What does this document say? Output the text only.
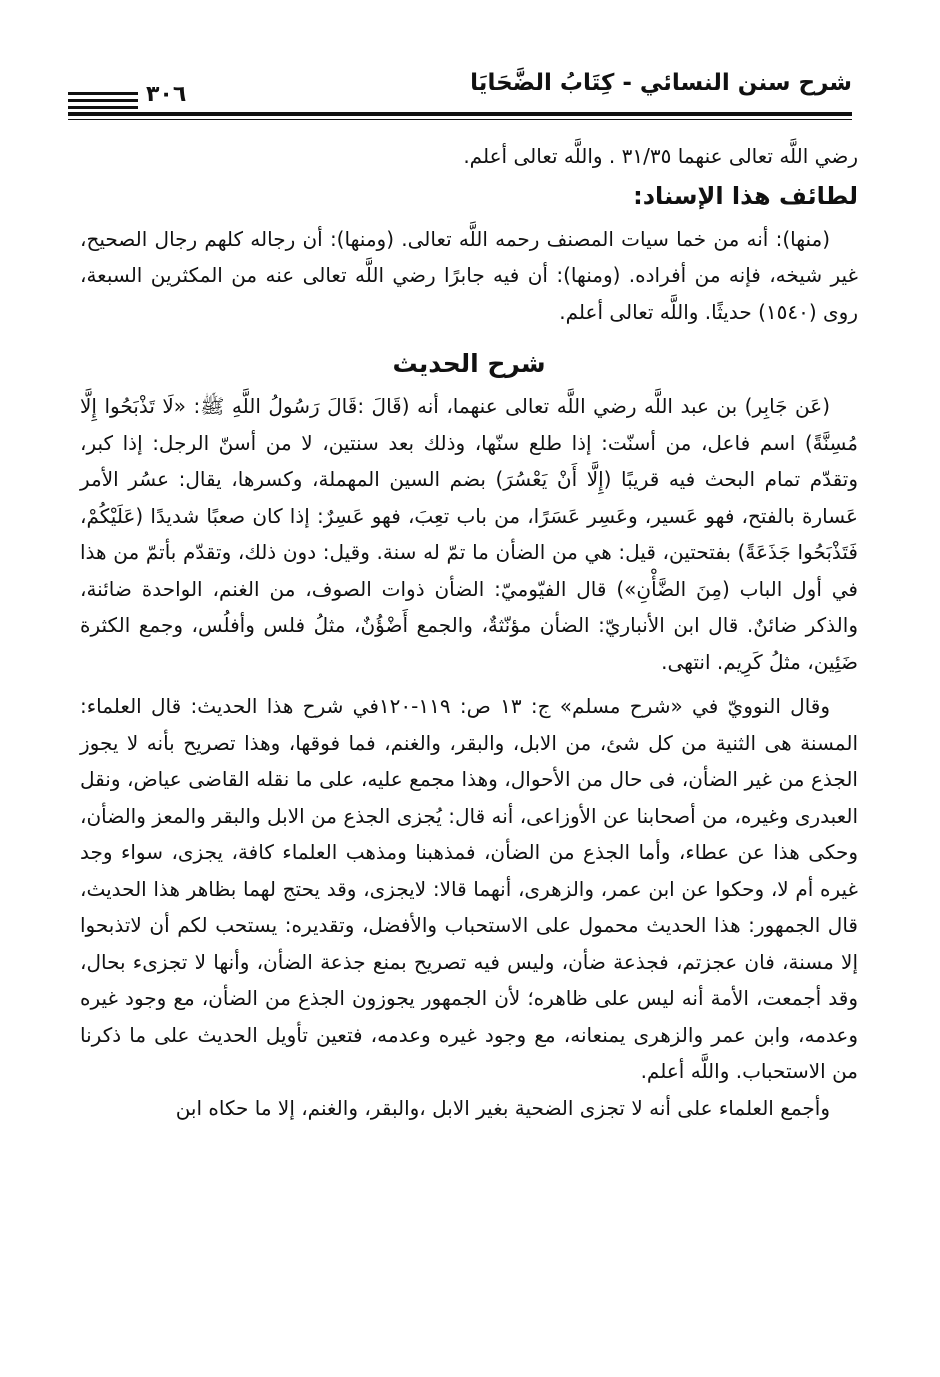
شرح سنن النسائي - كِتَابُ الضَّحَايَا
٣٠٦

رضي اللَّه تعالى عنهما ٣١/٣٥ . واللَّه تعالى أعلم.

لطائف هذا الإسناد:

(منها): أنه من خما سيات المصنف رحمه اللَّه تعالى. (ومنها): أن رجاله كلهم رجال الصحيح، غير شيخه، فإنه من أفراده. (ومنها): أن فيه جابرًا رضي اللَّه تعالى عنه من المكثرين السبعة، روى (١٥٤٠) حديثًا. واللَّه تعالى أعلم.

شرح الحديث

(عَن جَابِر) بن عبد اللَّه رضي اللَّه تعالى عنهما، أنه (قَالَ :قَالَ رَسُولُ اللَّهِ ﷺ: «لَا تَذْبَحُوا إِلَّا مُسِنَّةً) اسم فاعل، من أسنّت: إذا طلع سنّها، وذلك بعد سنتين، لا من أسنّ الرجل: إذا كبر، وتقدّم تمام البحث فيه قريبًا (إِلَّا أَنْ يَعْسُرَ) بضم السين المهملة، وكسرها، يقال: عسُر الأمر عَسارة بالفتح، فهو عَسير، وعَسِر عَسَرًا، من باب تعِبَ، فهو عَسِرٌ: إذا كان صعبًا شديدًا (عَلَيْكُمْ، فَتَذْبَحُوا جَذَعَةً) بفتحتين، قيل: هي من الضأن ما تمّ له سنة. وقيل: دون ذلك، وتقدّم بأتمّ من هذا في أول الباب (مِنَ الضَّأْنِ») قال الفيّوميّ: الضأن ذوات الصوف، من الغنم، الواحدة ضائنة، والذكر ضائنٌ. قال ابن الأنباريّ: الضأن مؤنّثةٌ، والجمع أَضْؤُنٌ، مثلُ فلس وأفلُس، وجمع الكثرة ضَئِين، مثلُ كَرِيم. انتهى.

وقال النوويّ في «شرح مسلم» ج: ١٣ ص: ١١٩-١٢٠في شرح هذا الحديث: قال العلماء: المسنة هى الثنية من كل شئ، من الابل، والبقر، والغنم، فما فوقها، وهذا تصريح بأنه لا يجوز الجذع من غير الضأن، فى حال من الأحوال، وهذا مجمع عليه، على ما نقله القاضى عياض، ونقل العبدرى وغيره، من أصحابنا عن الأوزاعى، أنه قال: يُجزى الجذع من الابل والبقر والمعز والضأن، وحكى هذا عن عطاء، وأما الجذع من الضأن، فمذهبنا ومذهب العلماء كافة، يجزى، سواء وجد غيره أم لا، وحكوا عن ابن عمر، والزهرى، أنهما قالا: لايجزى، وقد يحتج لهما بظاهر هذا الحديث، قال الجمهور: هذا الحديث محمول على الاستحباب والأفضل، وتقديره: يستحب لكم أن لاتذبحوا إلا مسنة، فان عجزتم، فجذعة ضأن، وليس فيه تصريح بمنع جذعة الضأن، وأنها لا تجزىء بحال، وقد أجمعت، الأمة أنه ليس على ظاهره؛ لأن الجمهور يجوزون الجذع من الضأن، مع وجود غيره وعدمه، وابن عمر والزهرى يمنعانه، مع وجود غيره وعدمه، فتعين تأويل الحديث على ما ذكرنا من الاستحباب. واللَّه أعلم.

وأجمع العلماء على أنه لا تجزى الضحية بغير الابل ،والبقر، والغنم، إلا ما حكاه ابن
